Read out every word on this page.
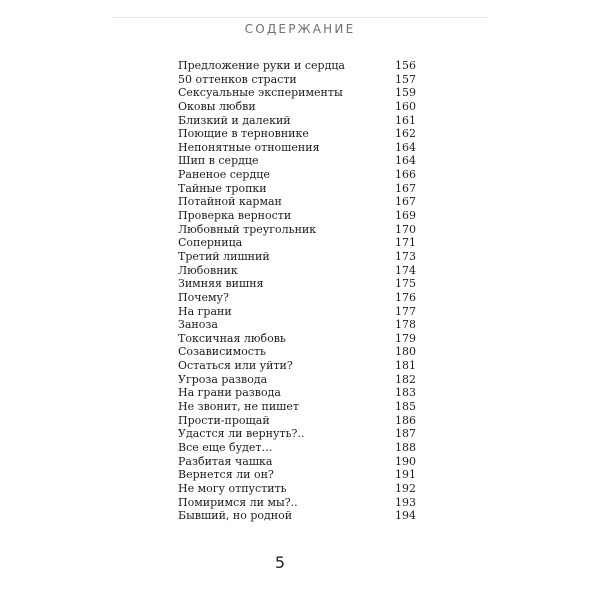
СОДЕРЖАНИЕ
Предложение руки и сердца	156
50 оттенков страсти	157
Сексуальные эксперименты	159
Оковы любви	160
Близкий и далекий	161
Поющие в терновнике	162
Непонятные отношения	164
Шип в сердце	164
Раненое сердце	166
Тайные тропки	167
Потайной карман	167
Проверка верности	169
Любовный треугольник	170
Соперница	171
Третий лишний	173
Любовник	174
Зимняя вишня	175
Почему?	176
На грани	177
Заноза	178
Токсичная любовь	179
Созависимость	180
Остаться или уйти?	181
Угроза развода	182
На грани развода	183
Не звонит, не пишет	185
Прости-прощай	186
Удастся ли вернуть?..	187
Все еще будет…	188
Разбитая чашка	190
Вернется ли он?	191
Не могу отпустить	192
Помиримся ли мы?..	193
Бывший, но родной	194
5
